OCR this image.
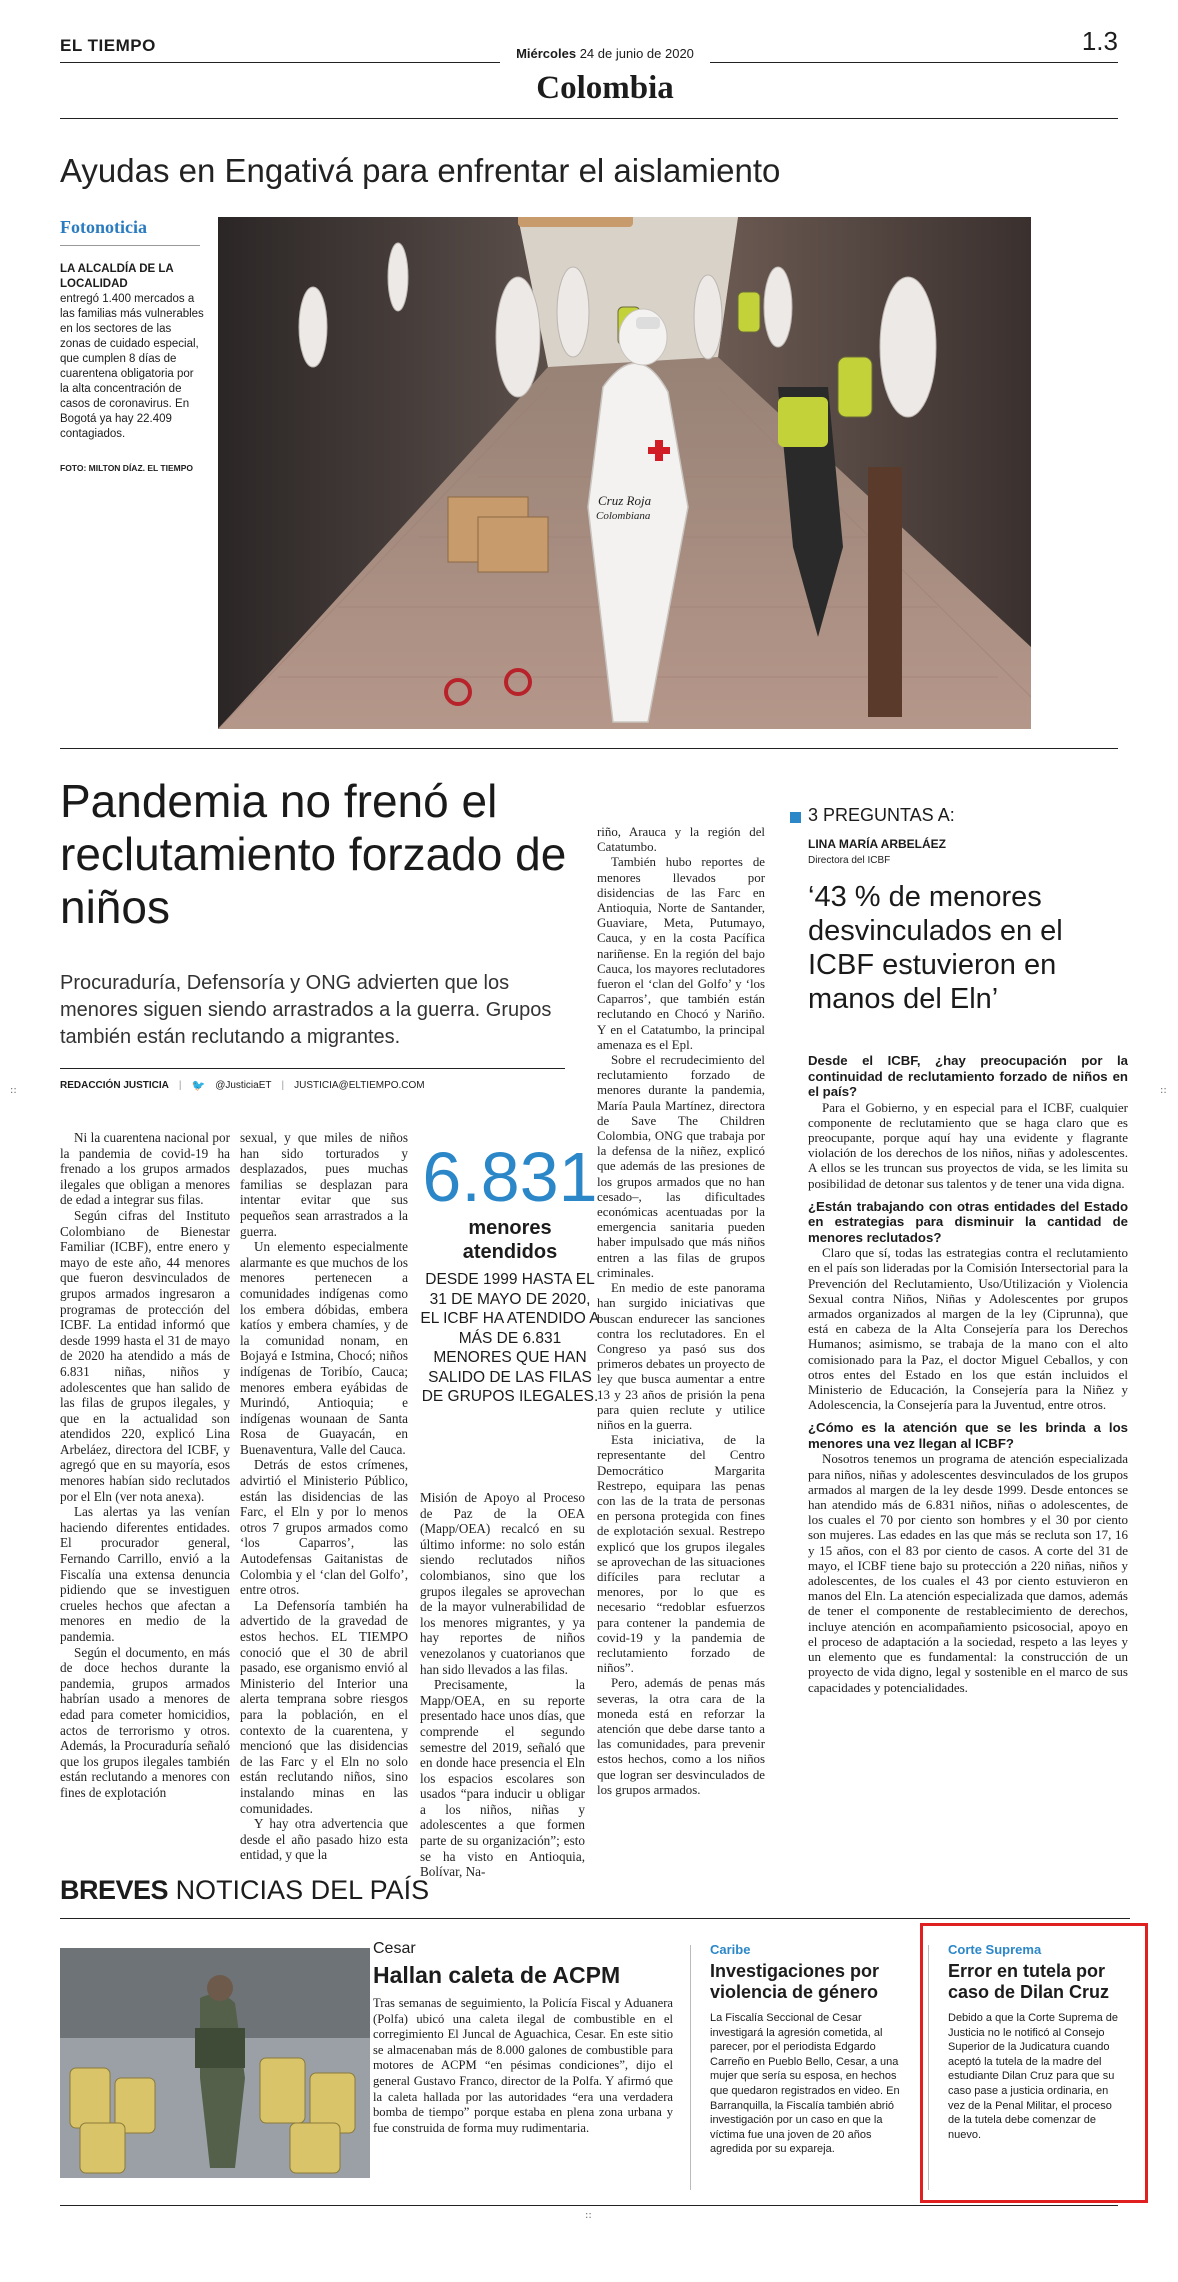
EL TIEMPO	Miércoles 24 de junio de 2020
Colombia
1.3
Ayudas en Engativá para enfrentar el aislamiento
Fotonoticia
LA ALCALDÍA DE LA LOCALIDAD
entregó 1.400 mercados a las familias más vulnerables en los sectores de las zonas de cuidado especial, que cumplen 8 días de cuarentena obligatoria por la alta concentración de casos de coronavirus. En Bogotá ya hay 22.409 contagiados.
FOTO: MILTON DÍAZ. EL TIEMPO
Cruz Roja
Colombiana
Pandemia no frenó el reclutamiento forzado de niños
Procuraduría, Defensoría y ONG advierten que los menores siguen siendo arrastrados a la guerra. Grupos también están reclutando a migrantes.
REDACCIÓN JUSTICIA | 🐦 @JusticiaET | JUSTICIA@ELTIEMPO.COM

Ni la cuarentena nacional por la pandemia de covid-19 ha frenado a los grupos armados ilegales que obligan a menores de edad a integrar sus filas.

Según cifras del Instituto Colombiano de Bienestar Familiar (ICBF), entre enero y mayo de este año, 44 menores que fueron desvinculados de grupos armados ingresaron a programas de protección del ICBF. La entidad informó que desde 1999 hasta el 31 de mayo de 2020 ha atendido a más de 6.831 niñas, niños y adolescentes que han salido de las filas de grupos ilegales, y que en la actualidad son atendidos 220, explicó Lina Arbeláez, directora del ICBF, y agregó que en su mayoría, esos menores habían sido reclutados por el Eln (ver nota anexa).

Las alertas ya las venían haciendo diferentes entidades. El procurador general, Fernando Carrillo, envió a la Fiscalía una extensa denuncia pidiendo que se investiguen crueles hechos que afectan a menores en medio de la pandemia.

Según el documento, en más de doce hechos durante la pandemia, grupos armados habrían usado a menores de edad para cometer homicidios, actos de terrorismo y otros. Además, la Procuraduría señaló que los grupos ilegales también están reclutando a menores con fines de explotación

sexual, y que miles de niños han sido torturados y desplazados, pues muchas familias se desplazan para intentar evitar que sus pequeños sean arrastrados a la guerra.

Un elemento especialmente alarmante es que muchos de los menores pertenecen a comunidades indígenas como los embera dóbidas, embera katíos y embera chamíes, y de la comunidad nonam, en Bojayá e Istmina, Chocó; niños indígenas de Toribío, Cauca; menores embera eyábidas de Murindó, Antioquia; e indígenas wounaan de Santa Rosa de Guayacán, en Buenaventura, Valle del Cauca.

Detrás de estos crímenes, advirtió el Ministerio Público, están las disidencias de las Farc, el Eln y por lo menos otros 7 grupos armados como ‘los Caparros’, las Autodefensas Gaitanistas de Colombia y el ‘clan del Golfo’, entre otros.

La Defensoría también ha advertido de la gravedad de estos hechos. EL TIEMPO conoció que el 30 de abril pasado, ese organismo envió al Ministerio del Interior una alerta temprana sobre riesgos para la población, en el contexto de la cuarentena, y mencionó que las disidencias de las Farc y el Eln no solo están reclutando niños, sino instalando minas en las comunidades.

Y hay otra advertencia que desde el año pasado hizo esta entidad, y que la

Misión de Apoyo al Proceso de Paz de la OEA (Mapp/OEA) recalcó en su último informe: no solo están siendo reclutados niños colombianos, sino que los grupos ilegales se aprovechan de la mayor vulnerabilidad de los menores migrantes, y ya hay reportes de niños venezolanos y cuatorianos que han sido llevados a las filas.

Precisamente, la Mapp/OEA, en su reporte presentado hace unos días, que comprende el segundo semestre del 2019, señaló que en donde hace presencia el Eln los espacios escolares son usados “para inducir u obligar a los niños, niñas y adolescentes a que formen parte de su organización”; esto se ha visto en Antioquia, Bolívar, Na-

riño, Arauca y la región del Catatumbo.

También hubo reportes de menores llevados por disidencias de las Farc en Antioquia, Norte de Santander, Guaviare, Meta, Putumayo, Cauca, y en la costa Pacífica nariñense. En la región del bajo Cauca, los mayores reclutadores fueron el ‘clan del Golfo’ y ‘los Caparros’, que también están reclutando en Chocó y Nariño. Y en el Catatumbo, la principal amenaza es el Epl.

Sobre el recrudecimiento del reclutamiento forzado de menores durante la pandemia, María Paula Martínez, directora de Save The Children Colombia, ONG que trabaja por la defensa de la niñez, explicó que además de las presiones de los grupos armados que no han cesado–, las dificultades económicas acentuadas por la emergencia sanitaria pueden haber impulsado que más niños entren a las filas de grupos criminales.

En medio de este panorama han surgido iniciativas que buscan endurecer las sanciones contra los reclutadores. En el Congreso ya pasó sus dos primeros debates un proyecto de ley que busca aumentar a entre 13 y 23 años de prisión la pena para quien reclute y utilice niños en la guerra.

Esta iniciativa, de la representante del Centro Democrático Margarita Restrepo, equipara las penas con las de la trata de personas en persona protegida con fines de explotación sexual. Restrepo explicó que los grupos ilegales se aprovechan de las situaciones difíciles para reclutar a menores, por lo que es necesario “redoblar esfuerzos para contener la pandemia de covid-19 y la pandemia de reclutamiento forzado de niños”.

Pero, además de penas más severas, la otra cara de la moneda está en reforzar la atención que debe darse tanto a las comunidades, para prevenir estos hechos, como a los niños que logran ser desvinculados de los grupos armados.

6.831
menores
atendidos
DESDE 1999 HASTA EL 31 DE MAYO DE 2020, EL ICBF HA ATENDIDO A MÁS DE 6.831 MENORES QUE HAN SALIDO DE LAS FILAS DE GRUPOS ILEGALES.
3 PREGUNTAS A:
LINA MARÍA ARBELÁEZ
Directora del ICBF
‘43 % de menores desvinculados en el ICBF estuvieron en manos del Eln’
Desde el ICBF, ¿hay preocupación por la continuidad de reclutamiento forzado de niños en el país?

Para el Gobierno, y en especial para el ICBF, cualquier componente de reclutamiento que se haga claro que es preocupante, porque aquí hay una evidente y flagrante violación de los derechos de los niños, niñas y adolescentes. A ellos se les truncan sus proyectos de vida, se les limita su posibilidad de detonar sus talentos y de tener una vida digna.

¿Están trabajando con otras entidades del Estado en estrategias para disminuir la cantidad de menores reclutados?

Claro que sí, todas las estrategias contra el reclutamiento en el país son lideradas por la Comisión Intersectorial para la Prevención del Reclutamiento, Uso/Utilización y Violencia Sexual contra Niños, Niñas y Adolescentes por grupos armados organizados al margen de la ley (Ciprunna), que está en cabeza de la Alta Consejería para los Derechos Humanos; asimismo, se trabaja de la mano con el alto comisionado para la Paz, el doctor Miguel Ceballos, y con otros entes del Estado en los que están incluidos el Ministerio de Educación, la Consejería para la Niñez y Adolescencia, la Consejería para la Juventud, entre otros.

¿Cómo es la atención que se les brinda a los menores una vez llegan al ICBF?

Nosotros tenemos un programa de atención especializada para niños, niñas y adolescentes desvinculados de los grupos armados al margen de la ley desde 1999. Desde entonces se han atendido más de 6.831 niños, niñas o adolescentes, de los cuales el 70 por ciento son hombres y el 30 por ciento son mujeres. Las edades en las que más se recluta son 17, 16 y 15 años, con el 83 por ciento de casos. A corte del 31 de mayo, el ICBF tiene bajo su protección a 220 niñas, niños y adolescentes, de los cuales el 43 por ciento estuvieron en manos del Eln. La atención especializada que damos, además de tener el componente de restablecimiento de derechos, incluye atención en acompañamiento psicosocial, apoyo en el proceso de adaptación a la sociedad, respeto a las leyes y un elemento que es fundamental: la construcción de un proyecto de vida digno, legal y sostenible en el marco de sus capacidades y potencialidades.

BREVES NOTICIAS DEL PAÍS
Cesar
Hallan caleta de ACPM
Tras semanas de seguimiento, la Policía Fiscal y Aduanera (Polfa) ubicó una caleta ilegal de combustible en el corregimiento El Juncal de Aguachica, Cesar. En este sitio se almacenaban más de 8.000 galones de combustible para motores de ACPM “en pésimas condiciones”, dijo el general Gustavo Franco, director de la Polfa. Y afirmó que la caleta hallada por las autoridades “era una verdadera bomba de tiempo” porque estaba en plena zona urbana y fue construida de forma muy rudimentaria.
Caribe
Investigaciones por violencia de género
La Fiscalía Seccional de Cesar investigará la agresión cometida, al parecer, por el periodista Edgardo Carreño en Pueblo Bello, Cesar, a una mujer que sería su esposa, en hechos que quedaron registrados en video. En Barranquilla, la Fiscalía también abrió investigación por un caso en que la víctima fue una joven de 20 años agredida por su expareja.
Corte Suprema
Error en tutela por caso de Dilan Cruz
Debido a que la Corte Suprema de Justicia no le notificó al Consejo Superior de la Judicatura cuando aceptó la tutela de la madre del estudiante Dilan Cruz para que su caso pase a justicia ordinaria, en vez de la Penal Militar, el proceso de la tutela debe comenzar de nuevo.
::	::
::
